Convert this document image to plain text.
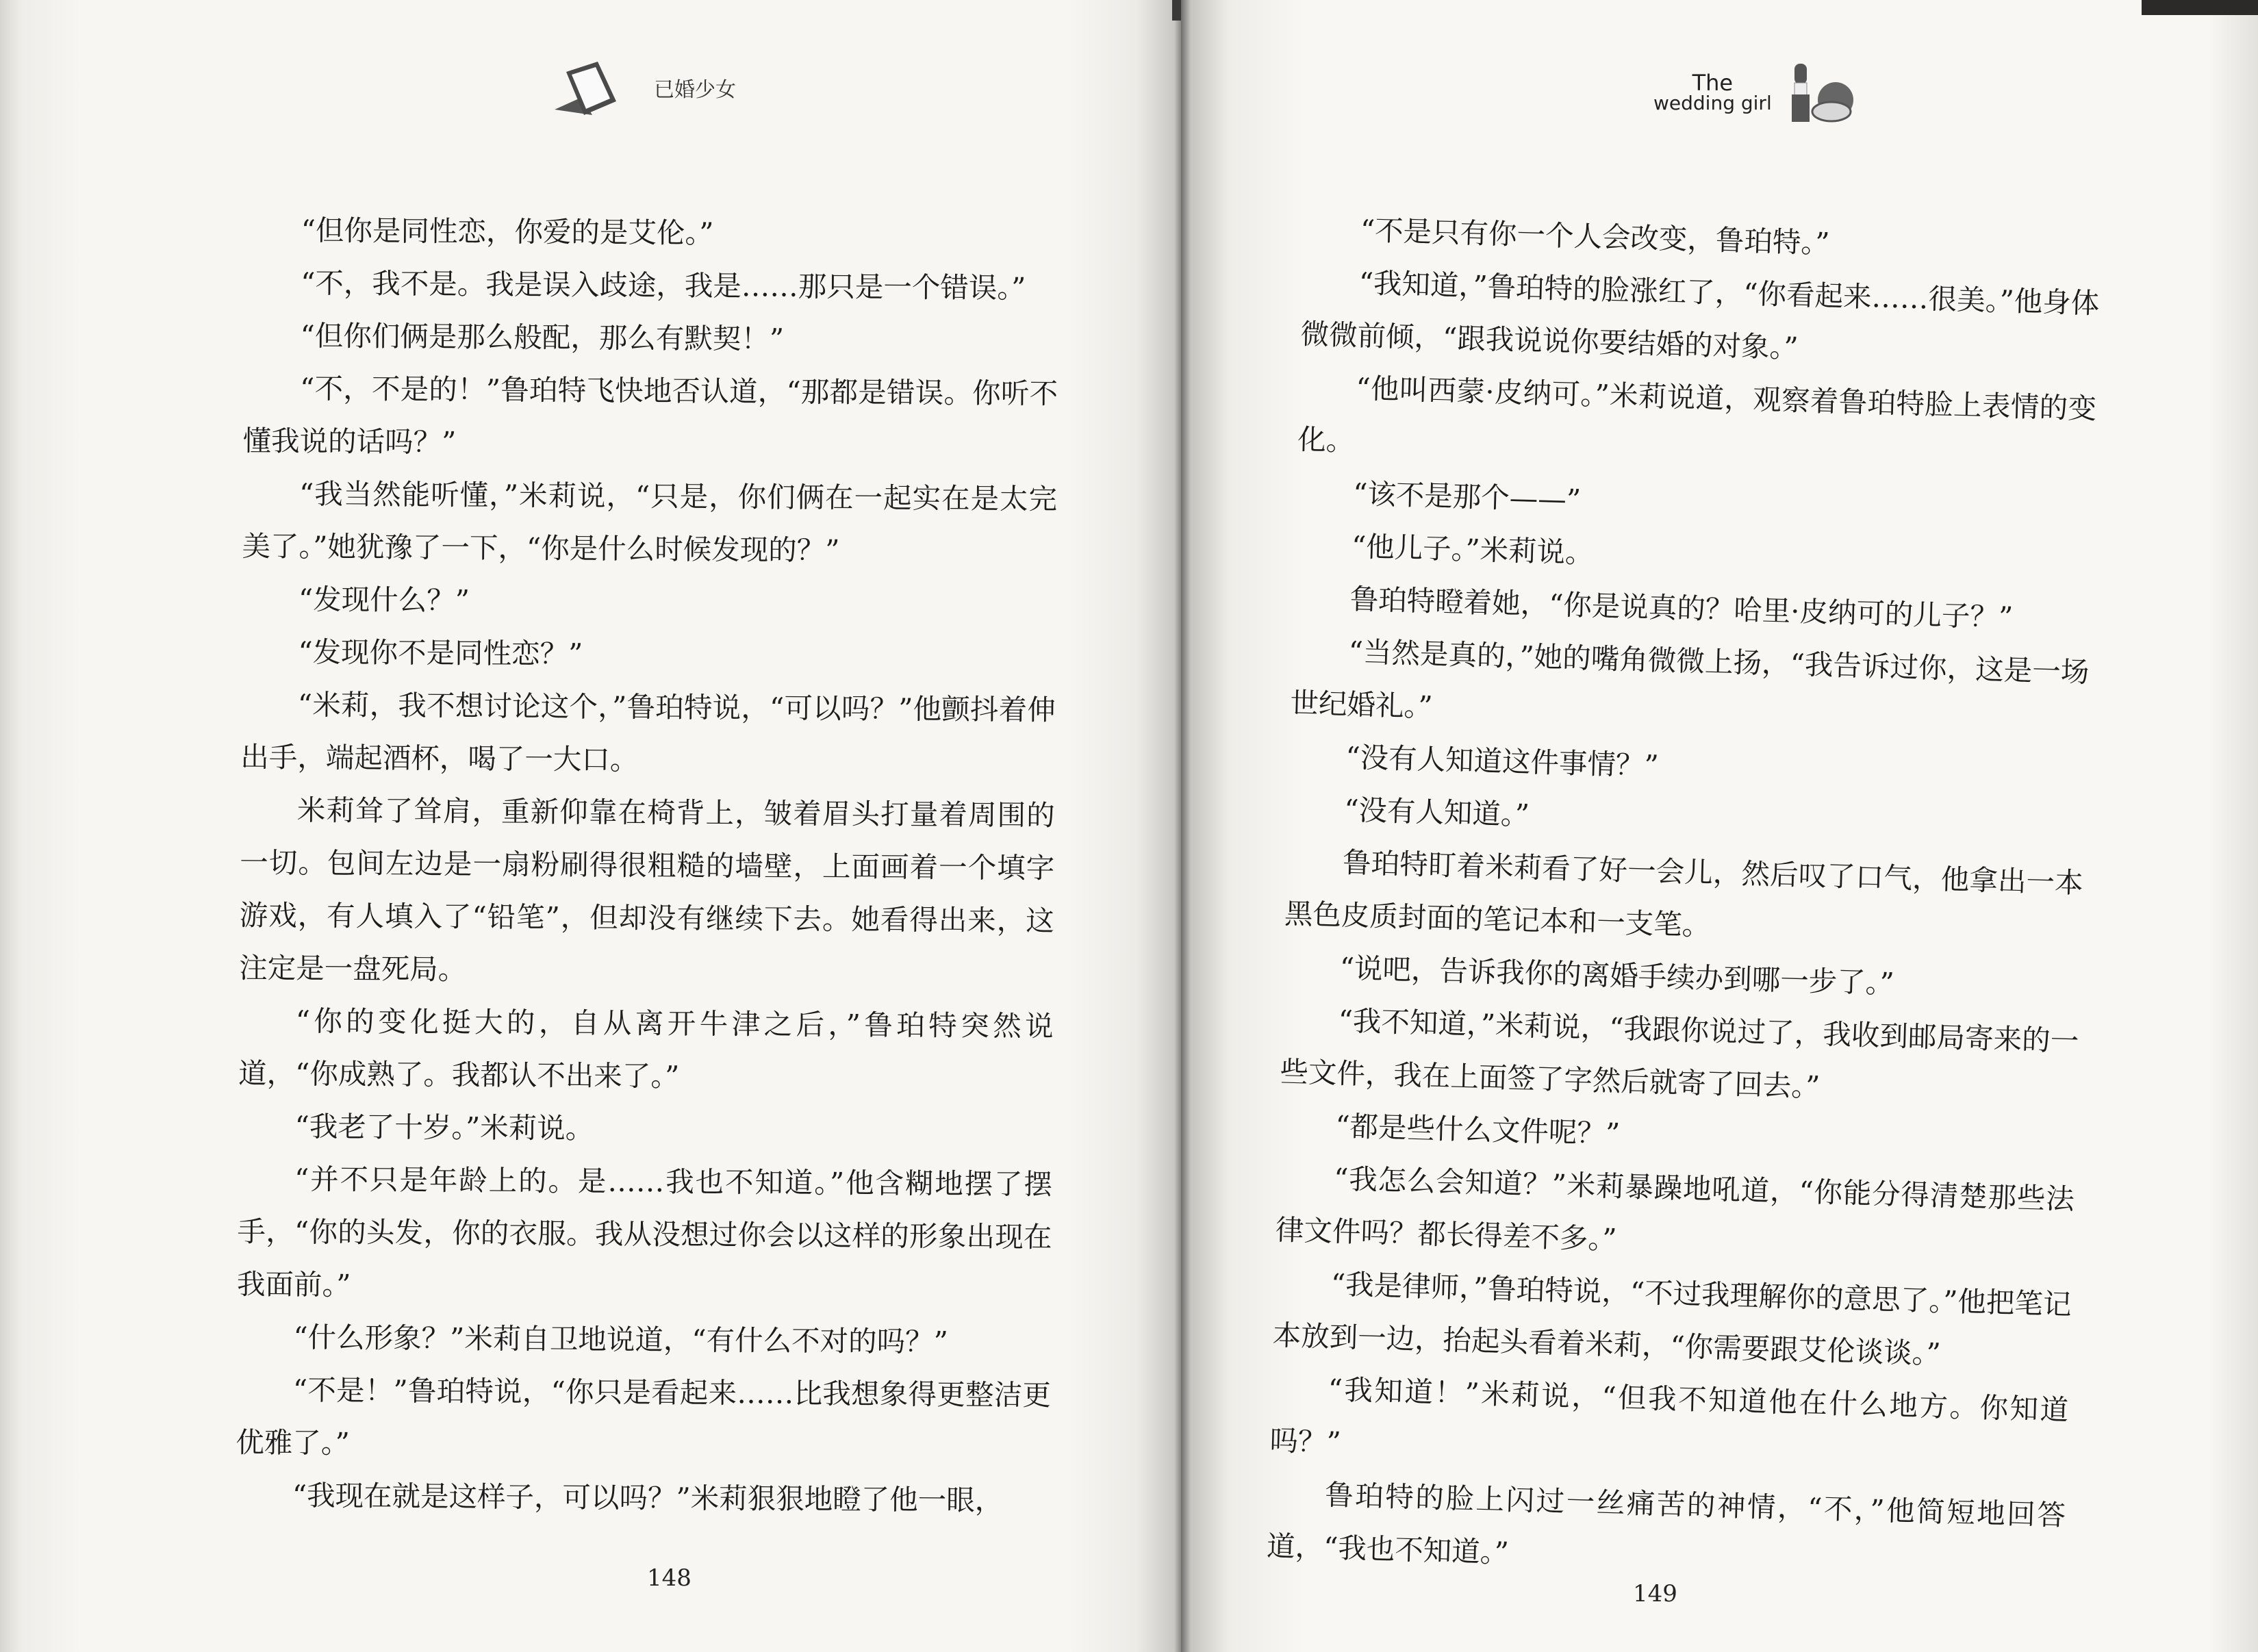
已婚少女

“但你是同性恋，你爱的是艾伦。”

“不，我不是。我是误入歧途，我是……那只是一个错误。”

“但你们俩是那么般配，那么有默契！”

“不，不是的！”鲁珀特飞快地否认道，“那都是错误。你听不懂我说的话吗？”

“我当然能听懂，”米莉说，“只是，你们俩在一起实在是太完美了。”她犹豫了一下，“你是什么时候发现的？”

“发现什么？”

“发现你不是同性恋？”

“米莉，我不想讨论这个，”鲁珀特说，“可以吗？”他颤抖着伸出手，端起酒杯，喝了一大口。

米莉耸了耸肩，重新仰靠在椅背上，皱着眉头打量着周围的一切。包间左边是一扇粉刷得很粗糙的墙壁，上面画着一个填字游戏，有人填入了“铅笔”，但却没有继续下去。她看得出来，这注定是一盘死局。

“你的变化挺大的，自从离开牛津之后，”鲁珀特突然说道，“你成熟了。我都认不出来了。”

“我老了十岁。”米莉说。

“并不只是年龄上的。是……我也不知道。”他含糊地摆了摆手，“你的头发，你的衣服。我从没想过你会以这样的形象出现在我面前。”

“什么形象？”米莉自卫地说道，“有什么不对的吗？”

“不是！”鲁珀特说，“你只是看起来……比我想象得更整洁更优雅了。”

“我现在就是这样子，可以吗？”米莉狠狠地瞪了他一眼，

148
The
wedding girl

“不是只有你一个人会改变，鲁珀特。”

“我知道，”鲁珀特的脸涨红了，“你看起来……很美。”他身体微微前倾，“跟我说说你要结婚的对象。”

“他叫西蒙·皮纳可。”米莉说道，观察着鲁珀特脸上表情的变化。

“该不是那个——”

“他儿子。”米莉说。

鲁珀特瞪着她，“你是说真的？哈里·皮纳可的儿子？”

“当然是真的，”她的嘴角微微上扬，“我告诉过你，这是一场世纪婚礼。”

“没有人知道这件事情？”

“没有人知道。”

鲁珀特盯着米莉看了好一会儿，然后叹了口气，他拿出一本黑色皮质封面的笔记本和一支笔。

“说吧，告诉我你的离婚手续办到哪一步了。”

“我不知道，”米莉说，“我跟你说过了，我收到邮局寄来的一些文件，我在上面签了字然后就寄了回去。”

“都是些什么文件呢？”

“我怎么会知道？”米莉暴躁地吼道，“你能分得清楚那些法律文件吗？都长得差不多。”

“我是律师，”鲁珀特说，“不过我理解你的意思了。”他把笔记本放到一边，抬起头看着米莉，“你需要跟艾伦谈谈。”

“我知道！”米莉说，“但我不知道他在什么地方。你知道吗？”

鲁珀特的脸上闪过一丝痛苦的神情，“不，”他简短地回答道，“我也不知道。”

149
